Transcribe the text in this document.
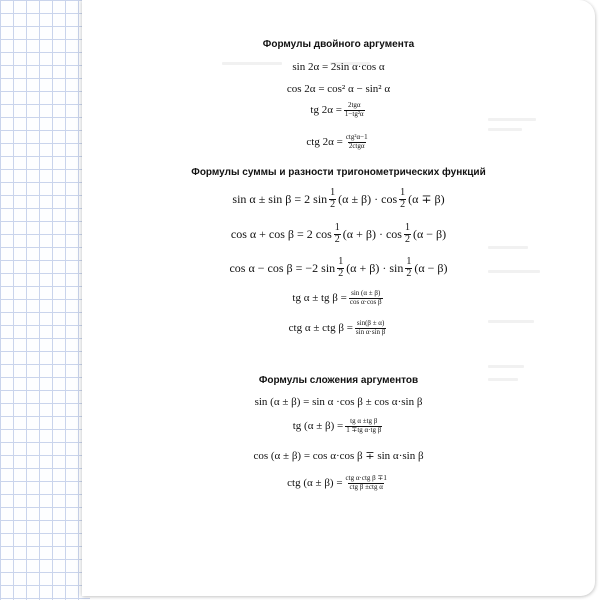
Формулы двойного аргумента
sin 2α = 2sin α·cos α
cos 2α = cos² α − sin² α
tg $2\alpha = \frac{\text{2tgα}}{\text{1−tg²α}}$
ctg $2\alpha = \frac{\text{ctg²α−1}}{\text{2ctgα}}$
Формулы суммы и разности тригонометрических функций
sin α ± sin β = 2 $\sin \frac{1}{2} (\alpha \pm \beta) \cdot \cos \frac{1}{2} (\alpha \mp \beta)$
cos α + cos β = 2 $\cos \frac{1}{2} (\alpha + \beta) \cdot \cos \frac{1}{2} (\alpha - \beta)$
cos α − cos β = −2 $\sin \frac{1}{2} (\alpha + \beta) \cdot \sin \frac{1}{2} (\alpha - \beta)$
tg α ± tg $\beta = \frac{\sin (\alpha \pm \beta)}{\text{cos α·cos β}}$
ctg α ± ctg $\beta = \frac{\sin(\beta \pm \alpha)}{\text{sin α·sin β}}$
Формулы сложения аргументов
sin (α ± β) = sin α ·cos β ± cos α·sin β
tg $(\alpha \pm \beta) = \frac{\text{tg α ±tg β}}{\text{1 ∓tg α·tg β}}$
cos (α ± β) = cos α·cos β ∓ sin α·sin β
ctg $(\alpha \pm \beta) = \frac{\text{ctg α·ctg β ∓1}}{\text{ctg β ±ctg α}}$
